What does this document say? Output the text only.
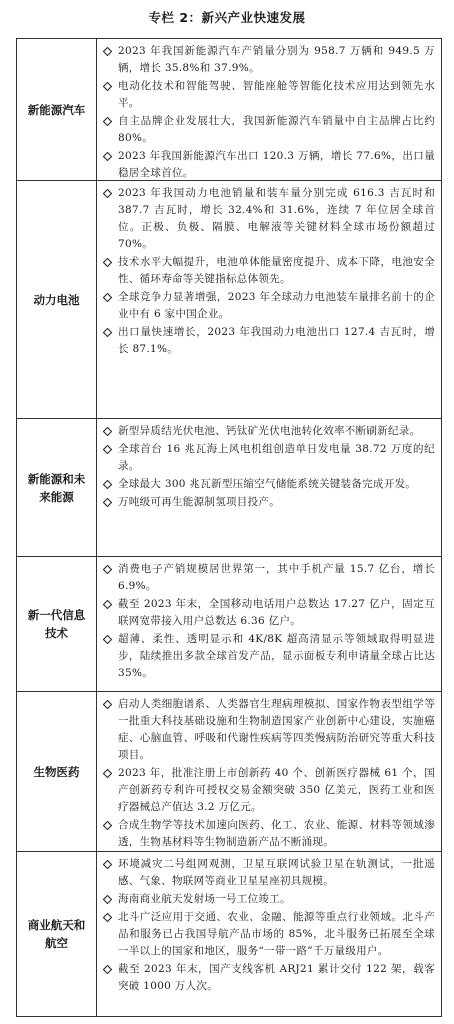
专栏 2：新兴产业快速发展
新能源汽车
2023 年我国新能源汽车产销量分别为 958.7 万辆和 949.5 万辆，增长 35.8%和 37.9%。
电动化技术和智能驾驶、智能座舱等智能化技术应用达到领先水平。
自主品牌企业发展壮大，我国新能源汽车销量中自主品牌占比约 80%。
2023 年我国新能源汽车出口 120.3 万辆，增长 77.6%，出口量稳居全球首位。
动力电池
2023 年我国动力电池销量和装车量分别完成 616.3 吉瓦时和 387.7 吉瓦时，增长 32.4%和 31.6%，连续 7 年位居全球首位。正极、负极、隔膜、电解液等关键材料全球市场份额超过 70%。
技术水平大幅提升，电池单体能量密度提升、成本下降，电池安全性、循环寿命等关键指标总体领先。
全球竞争力显著增强，2023 年全球动力电池装车量排名前十的企业中有 6 家中国企业。
出口量快速增长，2023 年我国动力电池出口 127.4 吉瓦时，增长 87.1%。
新能源和未来能源
新型异质结光伏电池、钙钛矿光伏电池转化效率不断刷新纪录。
全球首台 16 兆瓦海上风电机组创造单日发电量 38.72 万度的纪录。
全球最大 300 兆瓦新型压缩空气储能系统关键装备完成开发。
万吨级可再生能源制氢项目投产。
新一代信息技术
消费电子产销规模居世界第一，其中手机产量 15.7 亿台，增长 6.9%。
截至 2023 年末，全国移动电话用户总数达 17.27 亿户，固定互联网宽带接入用户总数达 6.36 亿户。
超薄、柔性、透明显示和 4K/8K 超高清显示等领域取得明显进步，陆续推出多款全球首发产品，显示面板专利申请量全球占比达 35%。
生物医药
启动人类细胞谱系、人类器官生理病理模拟、国家作物表型组学等一批重大科技基础设施和生物制造国家产业创新中心建设，实施癌症、心脑血管、呼吸和代谢性疾病等四类慢病防治研究等重大科技项目。
2023 年，批准注册上市创新药 40 个、创新医疗器械 61 个，国产创新药专利许可授权交易金额突破 350 亿美元，医药工业和医疗器械总产值达 3.2 万亿元。
合成生物学等技术加速向医药、化工、农业、能源、材料等领域渗透，生物基材料等生物制造新产品不断涌现。
商业航天和航空
环境减灾二号组网观测，卫星互联网试验卫星在轨测试，一批遥感、气象、物联网等商业卫星星座初具规模。
海南商业航天发射场一号工位竣工。
北斗广泛应用于交通、农业、金融、能源等重点行业领域。北斗产品和服务已占我国导航产品市场的 85%，北斗服务已拓展至全球一半以上的国家和地区，服务“一带一路”千万量级用户。
截至 2023 年末，国产支线客机 ARJ21 累计交付 122 架，载客突破 1000 万人次。
